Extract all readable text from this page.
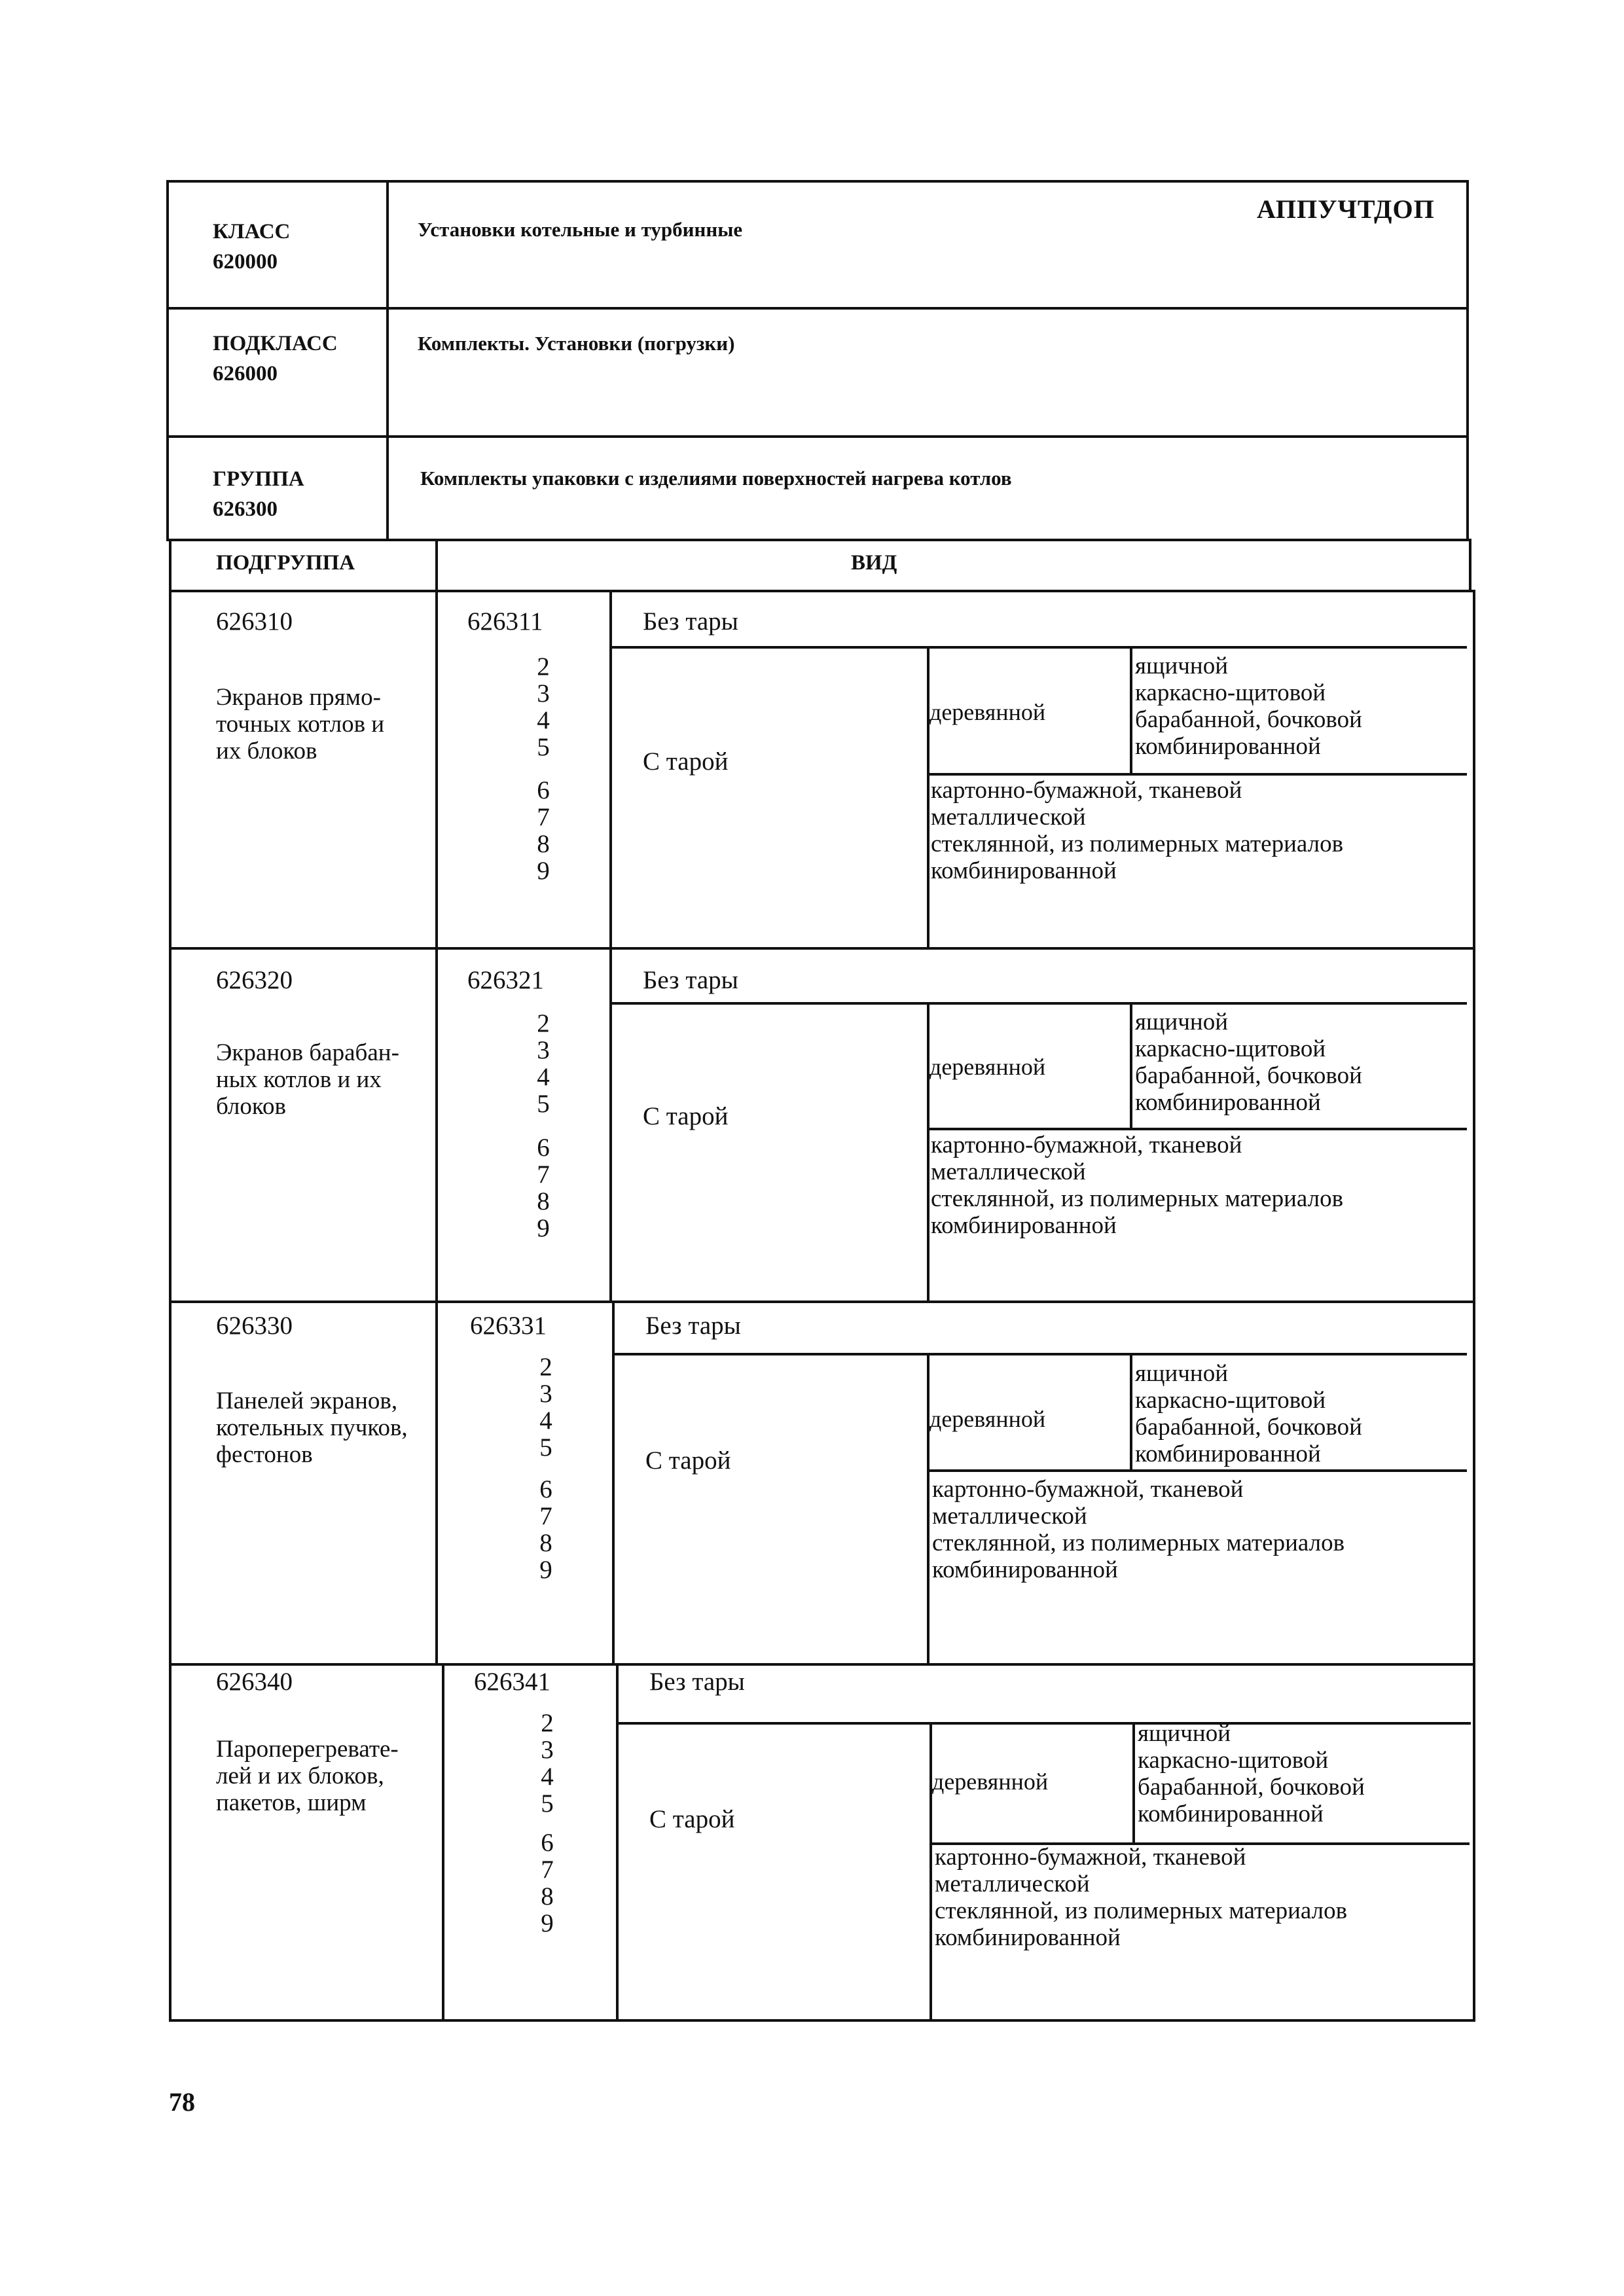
КЛАСС
620000
Установки котельные и турбинные
АППУЧТДОП
ПОДКЛАСС
626000
Комплекты. Установки (погрузки)
ГРУППА
626300
Комплекты упаковки с изделиями поверхностей нагрева котлов
ПОДГРУППА	ВИД
626310
Экранов прямо-
точных котлов и
их блоков
626311
2
3
4
5
6
7
8
9
Без тары
С тарой
деревянной
ящичной
каркасно-щитовой
барабанной, бочковой
комбинированной
картонно-бумажной, тканевой
металлической
стеклянной, из полимерных материалов
комбинированной
626320
Экранов барабан-
ных котлов и их
блоков
626321
2
3
4
5
6
7
8
9
Без тары
С тарой
деревянной
ящичной
каркасно-щитовой
барабанной, бочковой
комбинированной
картонно-бумажной, тканевой
металлической
стеклянной, из полимерных материалов
комбинированной
626330
Панелей экранов,
котельных пучков,
фестонов
626331
2
3
4
5
6
7
8
9
Без тары
С тарой
деревянной
ящичной
каркасно-щитовой
барабанной, бочковой
комбинированной
картонно-бумажной, тканевой
металлической
стеклянной, из полимерных материалов
комбинированной
626340
Пароперегревате-
лей и их блоков,
пакетов, ширм
626341
2
3
4
5
6
7
8
9
Без тары
С тарой
деревянной
ящичной
каркасно-щитовой
барабанной, бочковой
комбинированной
картонно-бумажной, тканевой
металлической
стеклянной, из полимерных материалов
комбинированной
78
